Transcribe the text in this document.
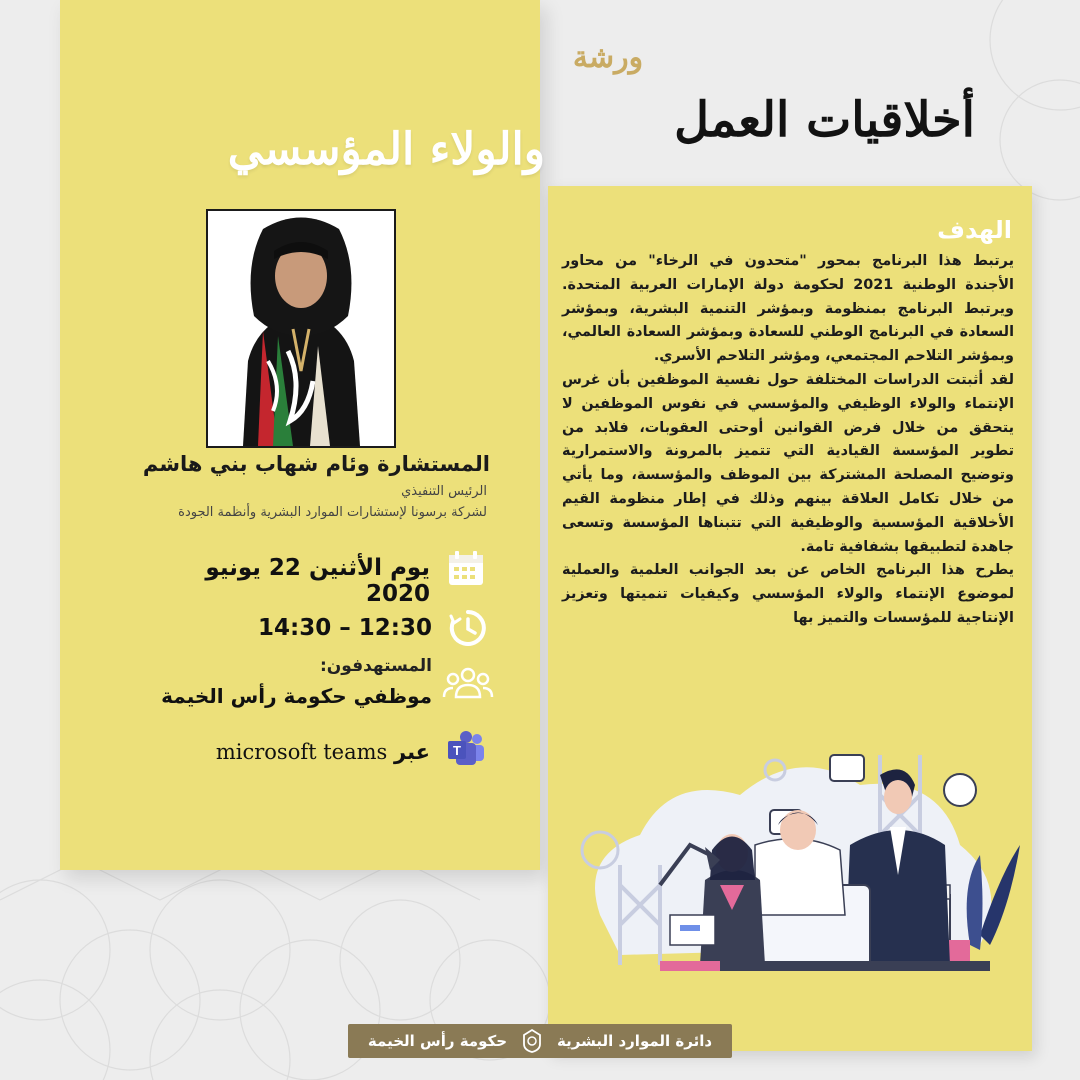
ورشة
أخلاقيات العمل
والولاء المؤسسي
المستشارة وئام شهاب بني هاشم
الرئيس التنفيذي
لشركة برسونا لإستشارات الموارد البشرية وأنظمة الجودة
يوم الأثنين 22 يونيو 2020
12:30 – 14:30
المستهدفون:
موظفي حكومة رأس الخيمة
T
عبر microsoft teams
الهدف

يرتبط هذا البرنامج بمحور "متحدون في الرخاء" من محاور الأجندة الوطنية 2021 لحكومة دولة الإمارات العربية المتحدة. ويرتبط البرنامج بمنظومة وبمؤشر التنمية البشرية، وبمؤشر السعادة في البرنامج الوطني للسعادة وبمؤشر السعادة العالمي، وبمؤشر التلاحم المجتمعي، ومؤشر التلاحم الأسري.

لقد أثبتت الدراسات المختلفة حول نفسية الموظفين بأن غرس الإنتماء والولاء الوظيفي والمؤسسي في نفوس الموظفين لا يتحقق من خلال فرض القوانين أوحتى العقوبات، فلابد من تطوير المؤسسة القيادية التي تتميز بالمرونة والاستمرارية وتوضيح المصلحة المشتركة بين الموظف والمؤسسة، وما يأتي من خلال تكامل العلاقة بينهم وذلك في إطار منظومة القيم الأخلاقية المؤسسية والوظيفية التي تتبناها المؤسسة وتسعى جاهدة لتطبيقها بشفافية تامة.

يطرح هذا البرنامج الخاص عن بعد الجوانب العلمية والعملية لموضوع الإنتماء والولاء المؤسسي وكيفيات تنميتها وتعزيز الإنتاجية للمؤسسات والتميز بها

دائرة الموارد البشرية
حكومة رأس الخيمة
